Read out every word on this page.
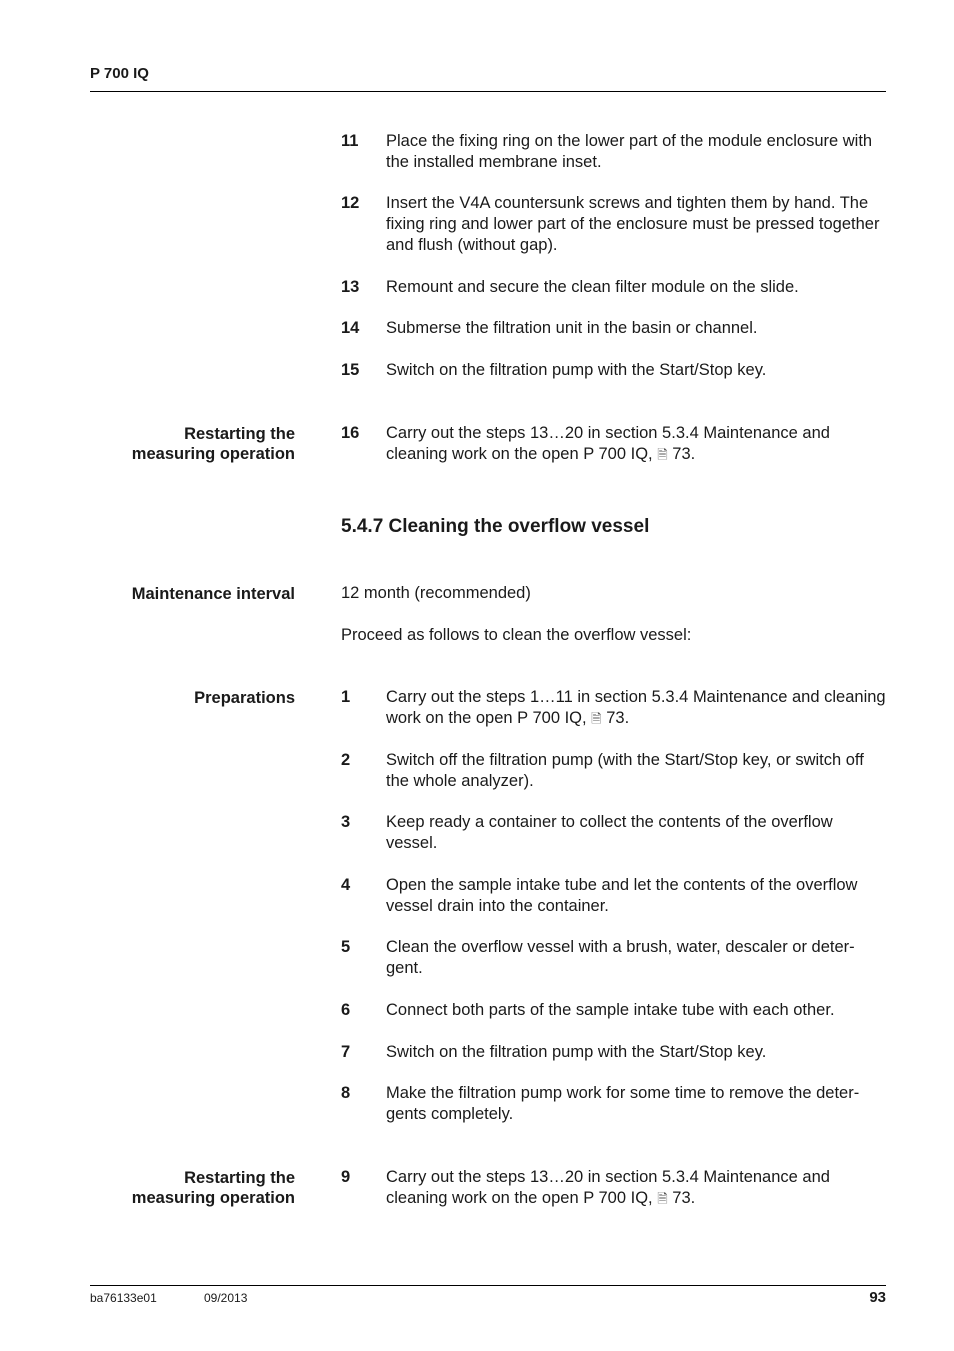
P 700 IQ
11 Place the fixing ring on the lower part of the module enclosure with the installed membrane inset.
12 Insert the V4A countersunk screws and tighten them by hand. The fixing ring and lower part of the enclosure must be pressed together and flush (without gap).
13 Remount and secure the clean filter module on the slide.
14 Submerse the filtration unit in the basin or channel.
15 Switch on the filtration pump with the Start/Stop key.
Restarting the
measuring operation
16 Carry out the steps 13…20 in section 5.3.4 Maintenance and cleaning work on the open P 700 IQ, 🗎 73.
5.4.7 Cleaning the overflow vessel
Maintenance interval	12 month (recommended)
Proceed as follows to clean the overflow vessel:
Preparations	1 Carry out the steps 1…11 in section 5.3.4 Maintenance and cleaning work on the open P 700 IQ, 🗎 73.
2 Switch off the filtration pump (with the Start/Stop key, or switch off the whole analyzer).
3 Keep ready a container to collect the contents of the overflow vessel.
4 Open the sample intake tube and let the contents of the overflow vessel drain into the container.
5 Clean the overflow vessel with a brush, water, descaler or deter-gent.
6 Connect both parts of the sample intake tube with each other.
7 Switch on the filtration pump with the Start/Stop key.
8 Make the filtration pump work for some time to remove the deter-gents completely.
Restarting the
measuring operation
9 Carry out the steps 13…20 in section 5.3.4 Maintenance and cleaning work on the open P 700 IQ, 🗎 73.
ba76133e01	09/2013	93
